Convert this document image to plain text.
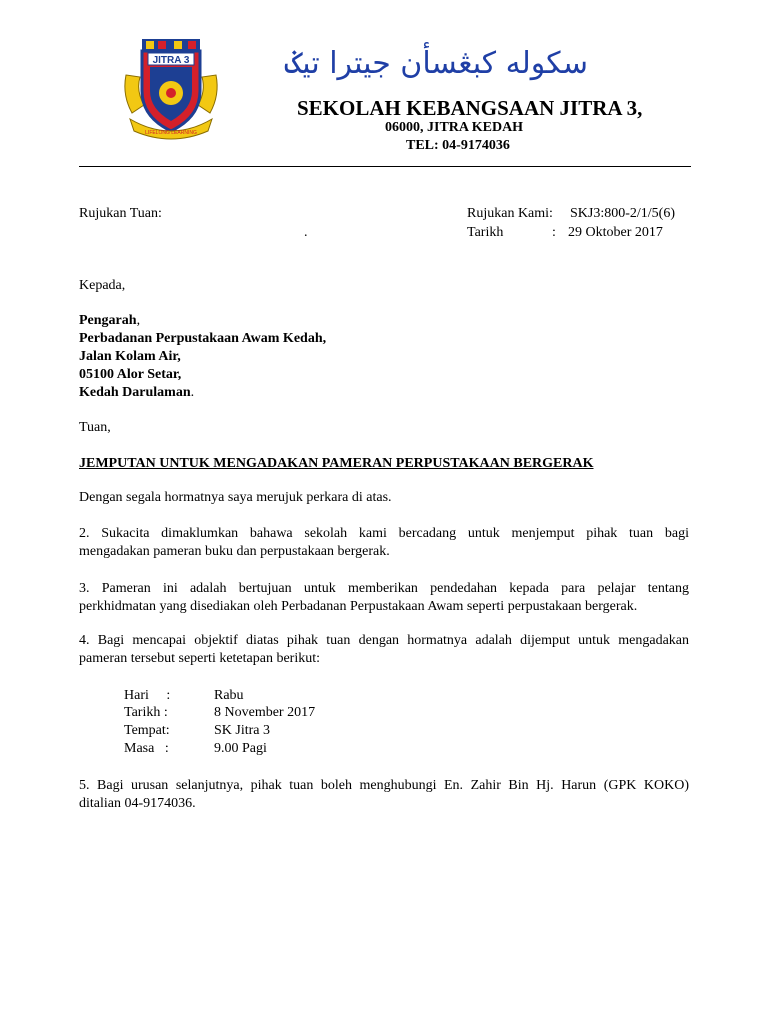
JITRA 3
LIFELONG LEARNING
سكوله كبڠسأن جيترا تيݢ
SEKOLAH KEBANGSAAN JITRA 3,
06000, JITRA KEDAH
TEL: 04-9174036
Rujukan Tuan:	Rujukan Kami: SKJ3:800-2/1/5(6)
.	Tarikh	: 29 Oktober 2017
Kepada,
Pengarah,
Perbadanan Perpustakaan Awam Kedah,
Jalan Kolam Air,
05100 Alor Setar,
Kedah Darulaman.
Tuan,
JEMPUTAN UNTUK MENGADAKAN PAMERAN PERPUSTAKAAN BERGERAK
Dengan segala hormatnya saya merujuk perkara di atas.
2. Sukacita dimaklumkan bahawa sekolah kami bercadang untuk menjemput pihak tuan bagi
mengadakan pameran buku dan perpustakaan bergerak.
3. Pameran ini adalah bertujuan untuk memberikan pendedahan kepada para pelajar tentang
perkhidmatan yang disediakan oleh Perbadanan Perpustakaan Awam seperti perpustakaan bergerak.
4. Bagi mencapai objektif diatas pihak tuan dengan hormatnya adalah dijemput untuk mengadakan
pameran tersebut seperti ketetapan berikut:
Hari     :	Rabu
Tarikh :	8 November 2017
Tempat:	SK Jitra 3
Masa   :	9.00 Pagi
5. Bagi urusan selanjutnya, pihak tuan boleh menghubungi En. Zahir Bin Hj. Harun (GPK KOKO)
ditalian 04-9174036.
